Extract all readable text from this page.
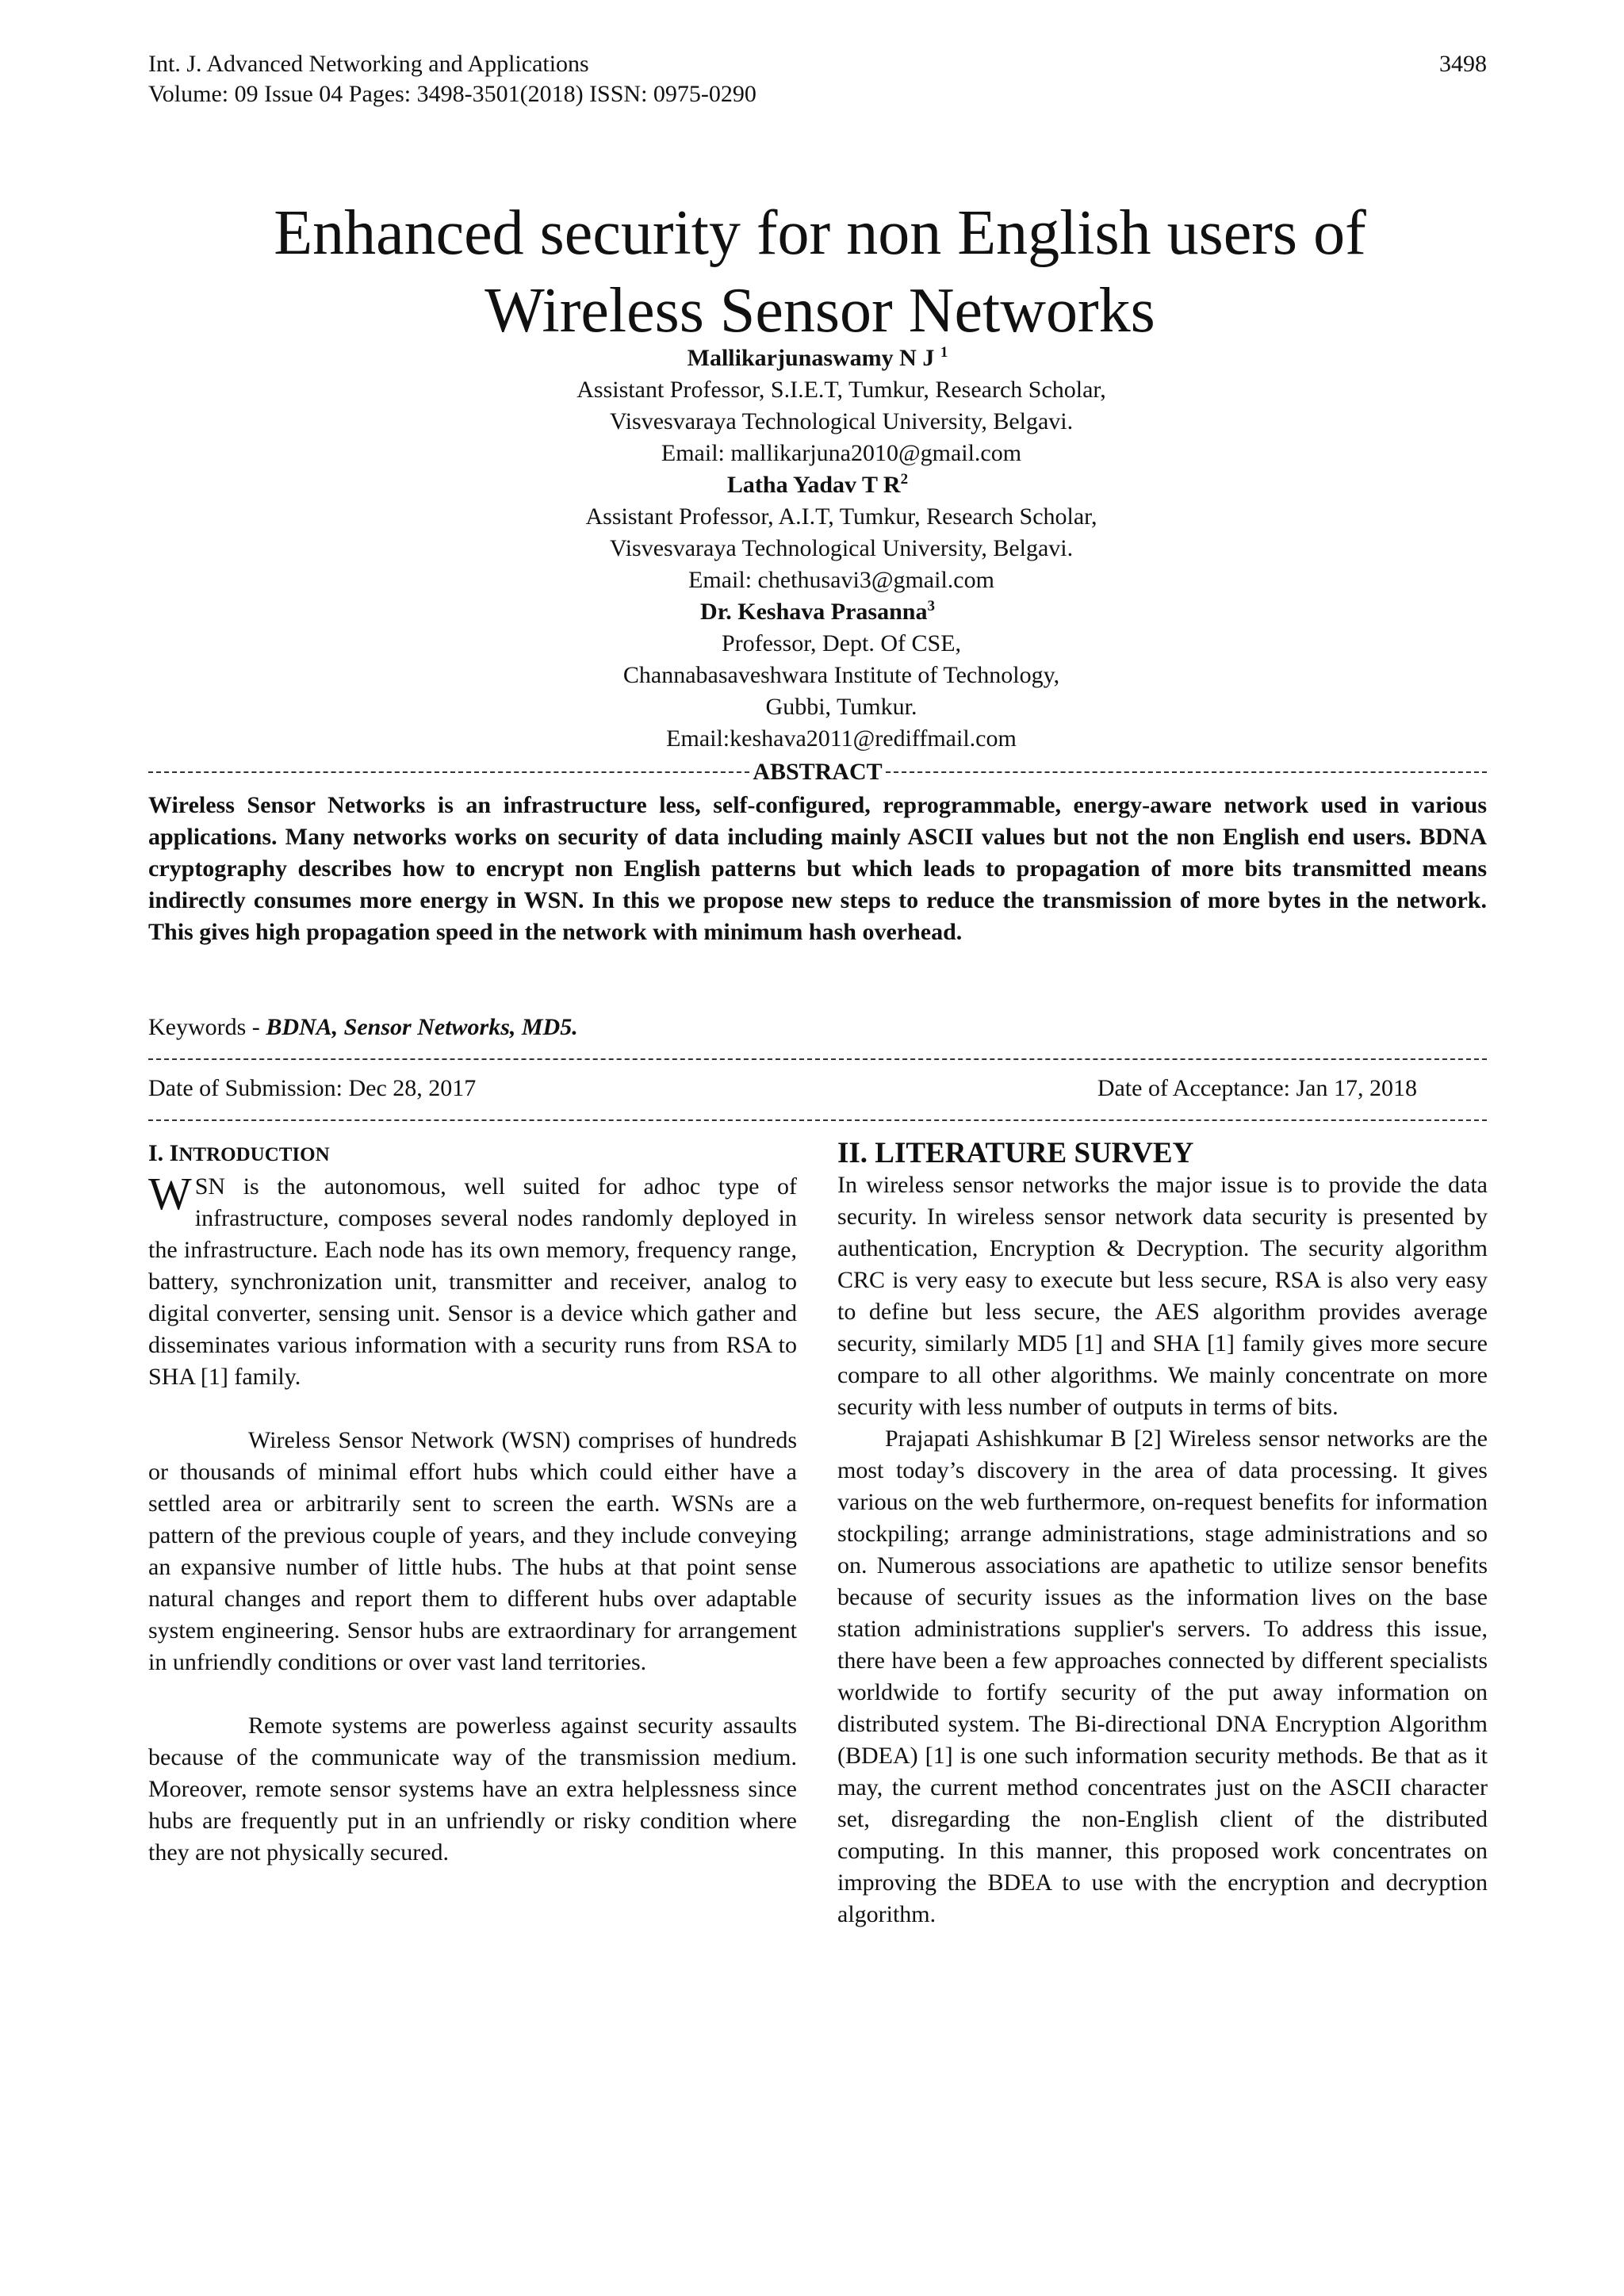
Int. J. Advanced Networking and Applications
Volume: 09 Issue 04 Pages: 3498-3501(2018) ISSN: 0975-0290
3498
Enhanced security for non English users of
Wireless Sensor Networks
Mallikarjunaswamy N J $^1$
Assistant Professor, S.I.E.T, Tumkur, Research Scholar,
Visvesvaraya Technological University, Belgavi.
Email: mallikarjuna2010@gmail.com
Latha Yadav T $R^2$
Assistant Professor, A.I.T, Tumkur, Research Scholar,
Visvesvaraya Technological University, Belgavi.
Email: chethusavi3@gmail.com
Dr. Keshava Prasanna$^3$
Professor, Dept. Of CSE,
Channabasaveshwara Institute of Technology,
Gubbi, Tumkur.
Email:keshava2011@rediffmail.com
ABSTRACT

Wireless Sensor Networks is an infrastructure less, self-configured, reprogrammable, energy-aware network used in various applications. Many networks works on security of data including mainly ASCII values but not the non English end users. BDNA cryptography describes how to encrypt non English patterns but which leads to propagation of more bits transmitted means indirectly consumes more energy in WSN. In this we propose new steps to reduce the transmission of more bytes in the network. This gives high propagation speed in the network with minimum hash overhead.

Keywords - BDNA, Sensor Networks, MD5.
Date of Submission: Dec 28, 2017	Date of Acceptance: Jan 17, 2018
I. INTRODUCTION

WSN is the autonomous, well suited for adhoc type of infrastructure, composes several nodes randomly deployed in the infrastructure. Each node has its own memory, frequency range, battery, synchronization unit, transmitter and receiver, analog to digital converter, sensing unit. Sensor is a device which gather and disseminates various information with a security runs from RSA to SHA [1] family.

Wireless Sensor Network (WSN) comprises of hundreds or thousands of minimal effort hubs which could either have a settled area or arbitrarily sent to screen the earth. WSNs are a pattern of the previous couple of years, and they include conveying an expansive number of little hubs. The hubs at that point sense natural changes and report them to different hubs over adaptable system engineering. Sensor hubs are extraordinary for arrangement in unfriendly conditions or over vast land territories.

Remote systems are powerless against security assaults because of the communicate way of the transmission medium. Moreover, remote sensor systems have an extra helplessness since hubs are frequently put in an unfriendly or risky condition where they are not physically secured.

II. LITERATURE SURVEY

In wireless sensor networks the major issue is to provide the data security. In wireless sensor network data security is presented by authentication, Encryption & Decryption. The security algorithm CRC is very easy to execute but less secure, RSA is also very easy to define but less secure, the AES algorithm provides average security, similarly MD5 [1] and SHA [1] family gives more secure compare to all other algorithms. We mainly concentrate on more security with less number of outputs in terms of bits.

Prajapati Ashishkumar B [2] Wireless sensor networks are the most today’s discovery in the area of data processing. It gives various on the web furthermore, on-request benefits for information stockpiling; arrange administrations, stage administrations and so on. Numerous associations are apathetic to utilize sensor benefits because of security issues as the information lives on the base station administrations supplier's servers. To address this issue, there have been a few approaches connected by different specialists worldwide to fortify security of the put away information on distributed system. The Bi-directional DNA Encryption Algorithm (BDEA) [1] is one such information security methods. Be that as it may, the current method concentrates just on the ASCII character set, disregarding the non-English client of the distributed computing. In this manner, this proposed work concentrates on improving the BDEA to use with the encryption and decryption algorithm.
